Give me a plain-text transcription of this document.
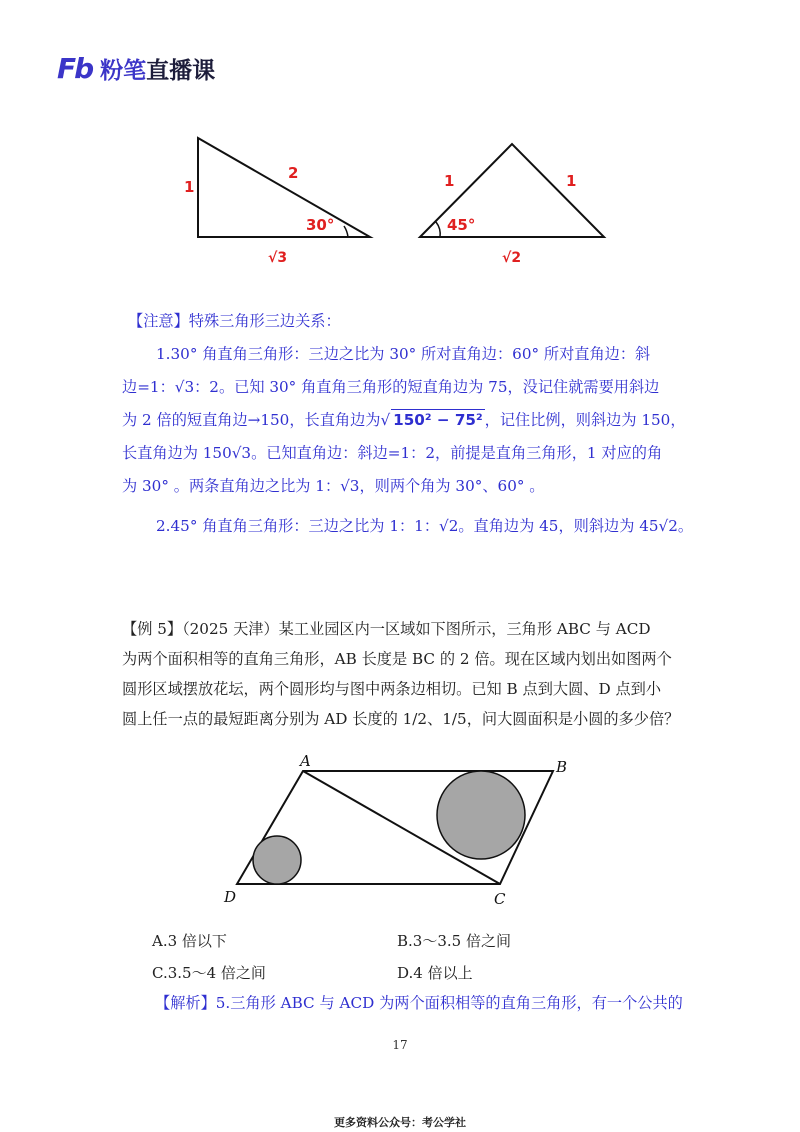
Fb 粉笔直播课
1
2
30°
√3
1	1
45°
√2
【注意】特殊三角形三边关系：
1.30° 角直角三角形：三边之比为 30° 所对直角边：60° 所对直角边：斜
边=1：√3：2。已知 30° 角直角三角形的短直角边为 75，没记住就需要用斜边
为 2 倍的短直角边→150，长直角边为√ 150² − 75² ，记住比例，则斜边为 150，
长直角边为 150√3。已知直角边：斜边=1：2，前提是直角三角形，1 对应的角
为 30° 。两条直角边之比为 1：√3，则两个角为 30°、60° 。
2.45° 角直角三角形：三边之比为 1：1：√2。直角边为 45，则斜边为 45√2。
【例 5】（2025 天津）某工业园区内一区域如下图所示，三角形 ABC 与 ACD
为两个面积相等的直角三角形，AB 长度是 BC 的 2 倍。现在区域内划出如图两个
圆形区域摆放花坛，两个圆形均与图中两条边相切。已知 B 点到大圆、D 点到小
圆上任一点的最短距离分别为 AD 长度的 1/2、1/5，问大圆面积是小圆的多少倍？
A	B
C
D
A.3 倍以下	B.3～3.5 倍之间
C.3.5～4 倍之间	D.4 倍以上
【解析】5.三角形 ABC 与 ACD 为两个面积相等的直角三角形，有一个公共的
17
更多资料公众号：考公学社
